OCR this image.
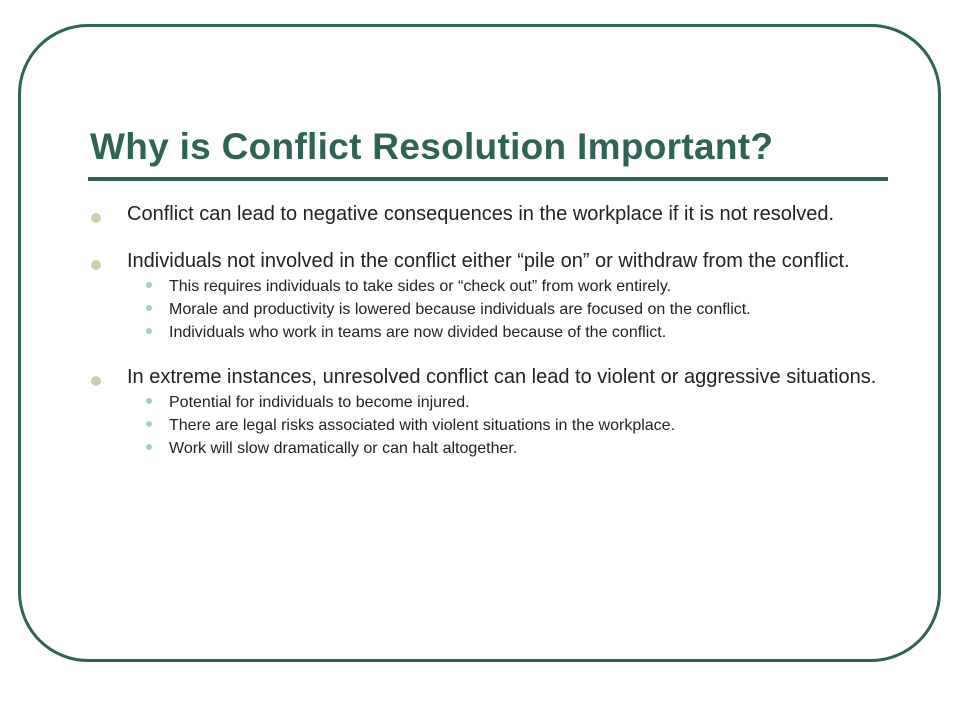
Why is Conflict Resolution Important?
Conflict can lead to negative consequences in the workplace if it is not resolved.
Individuals not involved in the conflict either “pile on” or withdraw from the conflict.
This requires individuals to take sides or “check out” from work entirely.
Morale and productivity is lowered because individuals are focused on the conflict.
Individuals who work in teams are now divided because of the conflict.
In extreme instances, unresolved conflict can lead to violent or aggressive situations.
Potential for individuals to become injured.
There are legal risks associated with violent situations in the workplace.
Work will slow dramatically or can halt altogether.
